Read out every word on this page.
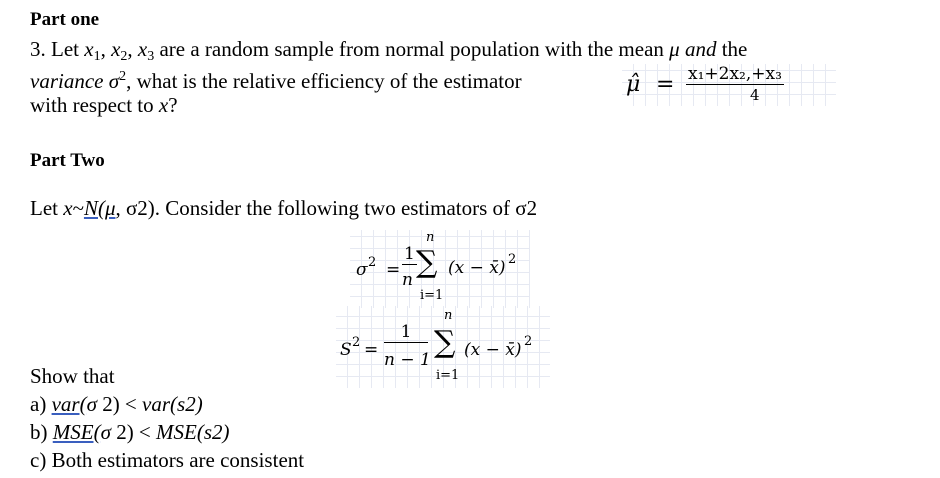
Part one
3. Let $x_1$, $x_2$, $x_3$ are a random sample from normal population with the mean μ and the
variance $\sigma^2$, what is the relative efficiency of the estimator
with respect to x?
μ̂ = x₁+2x₂,+x₃
4
Part Two
Let x~N(μ, σ2). Consider the following two estimators of σ2
σ 2 =
1
n
n
∑
i=1
(x − x̄) 2
S 2 =
1
n − 1
n
∑
i=1
(x − x̄) 2
Show that
a) var(σ 2) < var(s2)
b) MSE(σ 2) < MSE(s2)
c) Both estimators are consistent
